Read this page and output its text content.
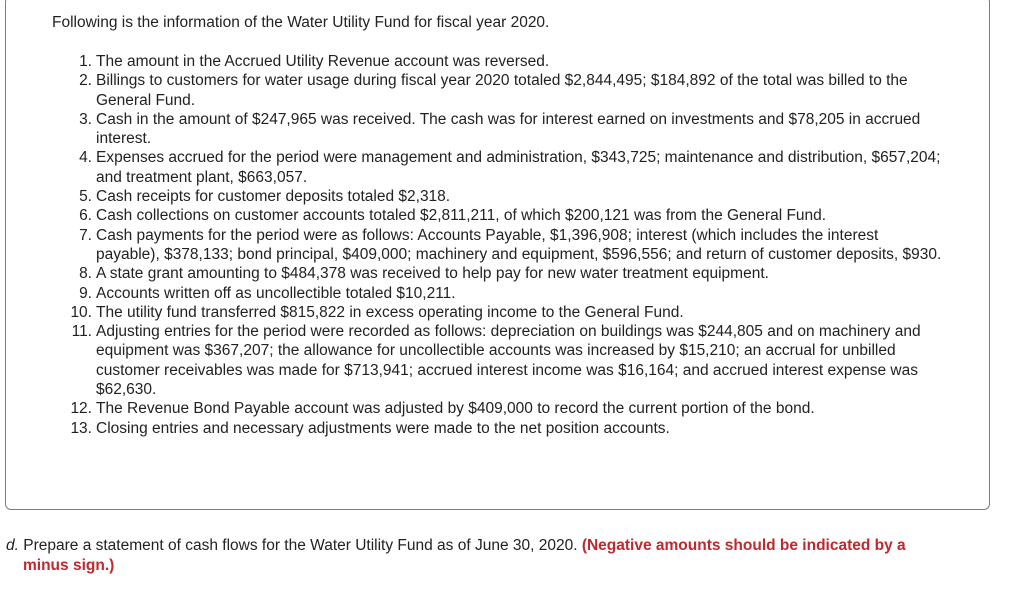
Following is the information of the Water Utility Fund for fiscal year 2020.

1. The amount in the Accrued Utility Revenue account was reversed.
2. Billings to customers for water usage during fiscal year 2020 totaled $2,844,495; $184,892 of the total was billed to the General Fund.
3. Cash in the amount of $247,965 was received. The cash was for interest earned on investments and $78,205 in accrued interest.
4. Expenses accrued for the period were management and administration, $343,725; maintenance and distribution, $657,204; and treatment plant, $663,057.
5. Cash receipts for customer deposits totaled $2,318.
6. Cash collections on customer accounts totaled $2,811,211, of which $200,121 was from the General Fund.
7. Cash payments for the period were as follows: Accounts Payable, $1,396,908; interest (which includes the interest payable), $378,133; bond principal, $409,000; machinery and equipment, $596,556; and return of customer deposits, $930.
8. A state grant amounting to $484,378 was received to help pay for new water treatment equipment.
9. Accounts written off as uncollectible totaled $10,211.
10. The utility fund transferred $815,822 in excess operating income to the General Fund.
11. Adjusting entries for the period were recorded as follows: depreciation on buildings was $244,805 and on machinery and equipment was $367,207; the allowance for uncollectible accounts was increased by $15,210; an accrual for unbilled customer receivables was made for $713,941; accrued interest income was $16,164; and accrued interest expense was $62,630.
12. The Revenue Bond Payable account was adjusted by $409,000 to record the current portion of the bond.
13. Closing entries and necessary adjustments were made to the net position accounts.

d. Prepare a statement of cash flows for the Water Utility Fund as of June 30, 2020. (Negative amounts should be indicated by a
minus sign.)
